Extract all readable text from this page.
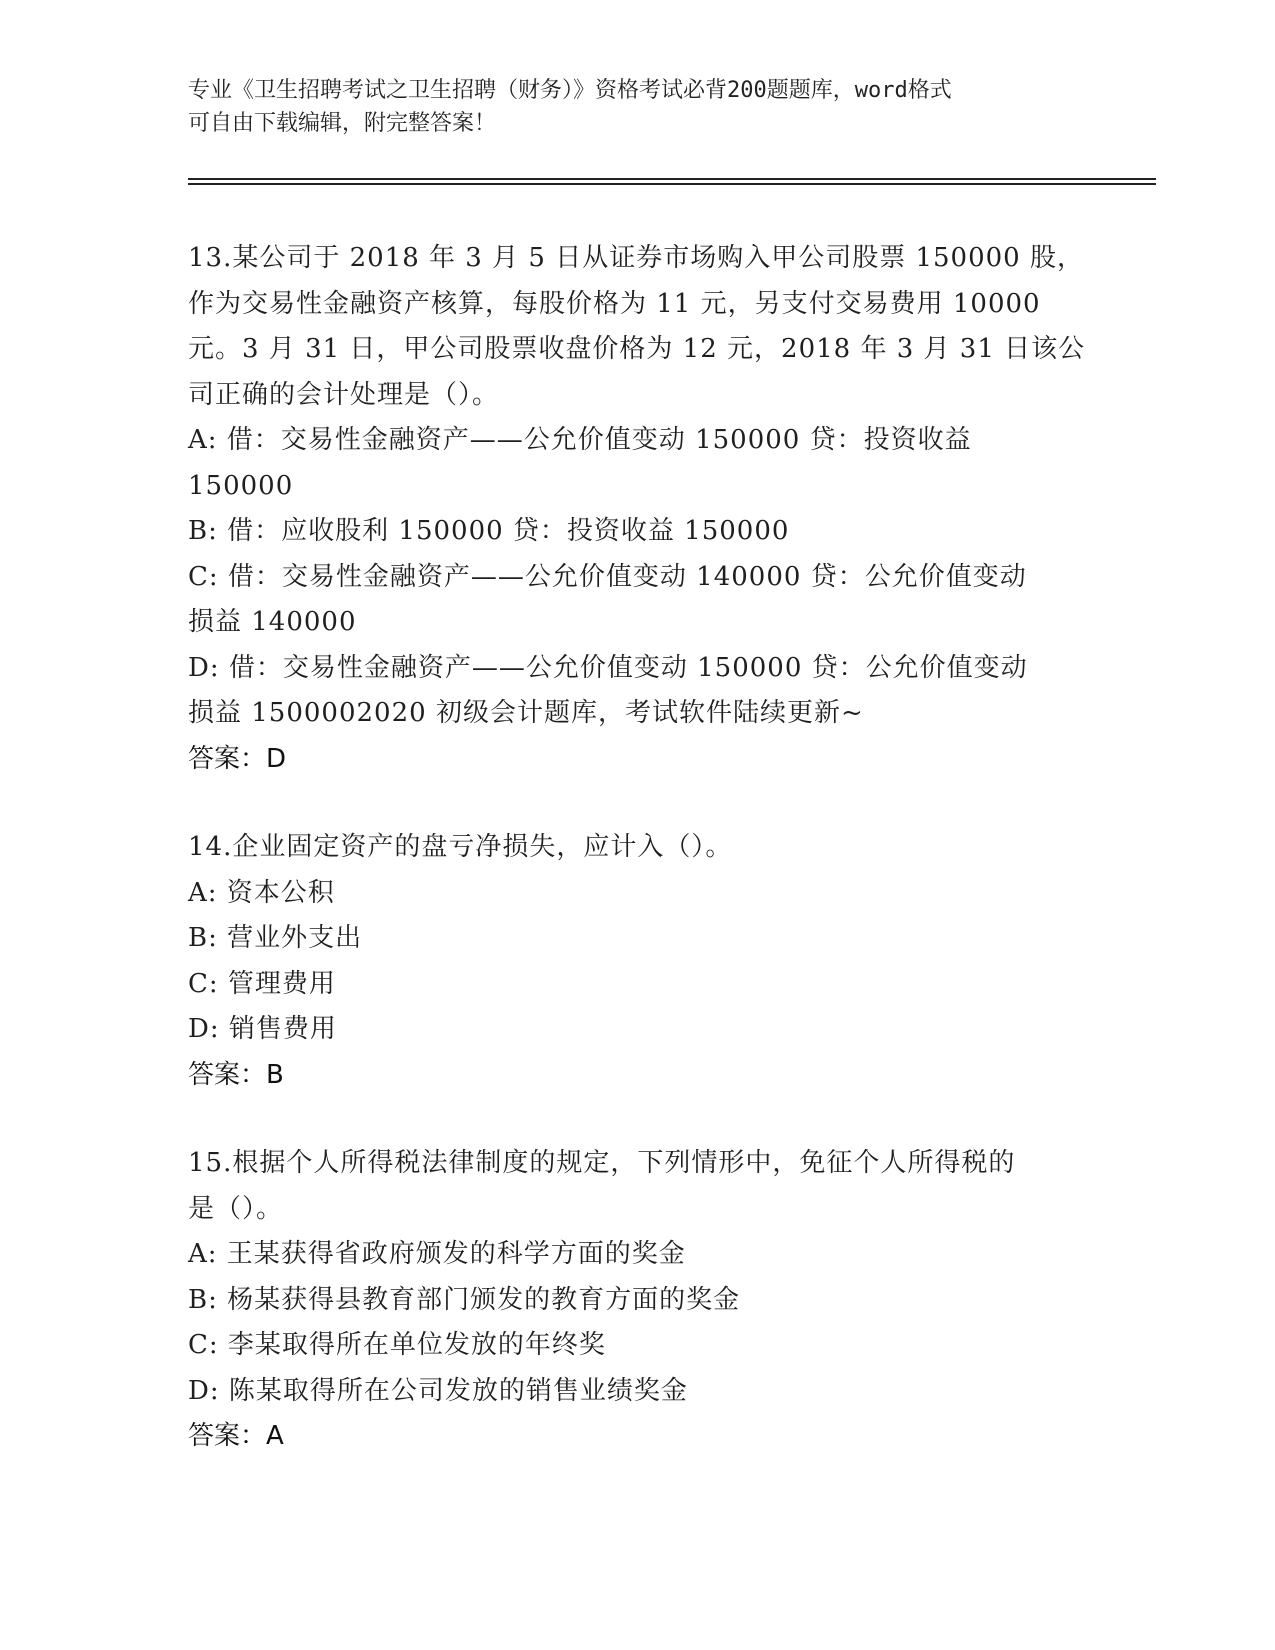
专业《卫生招聘考试之卫生招聘（财务）》资格考试必背200题题库，word格式
可自由下载编辑，附完整答案！
13.某公司于 2018 年 3 月 5 日从证券市场购入甲公司股票 150000 股，
作为交易性金融资产核算，每股价格为 11 元，另支付交易费用 10000
元。3 月 31 日，甲公司股票收盘价格为 12 元，2018 年 3 月 31 日该公
司正确的会计处理是（）。
A: 借：交易性金融资产——公允价值变动 150000 贷：投资收益
150000
B: 借：应收股利 150000 贷：投资收益 150000
C: 借：交易性金融资产——公允价值变动 140000 贷：公允价值变动
损益 140000
D: 借：交易性金融资产——公允价值变动 150000 贷：公允价值变动
损益 1500002020 初级会计题库，考试软件陆续更新~
答案：D
14.企业固定资产的盘亏净损失，应计入（）。
A: 资本公积
B: 营业外支出
C: 管理费用
D: 销售费用
答案：B
15.根据个人所得税法律制度的规定，下列情形中，免征个人所得税的
是（）。
A: 王某获得省政府颁发的科学方面的奖金
B: 杨某获得县教育部门颁发的教育方面的奖金
C: 李某取得所在单位发放的年终奖
D: 陈某取得所在公司发放的销售业绩奖金
答案：A
